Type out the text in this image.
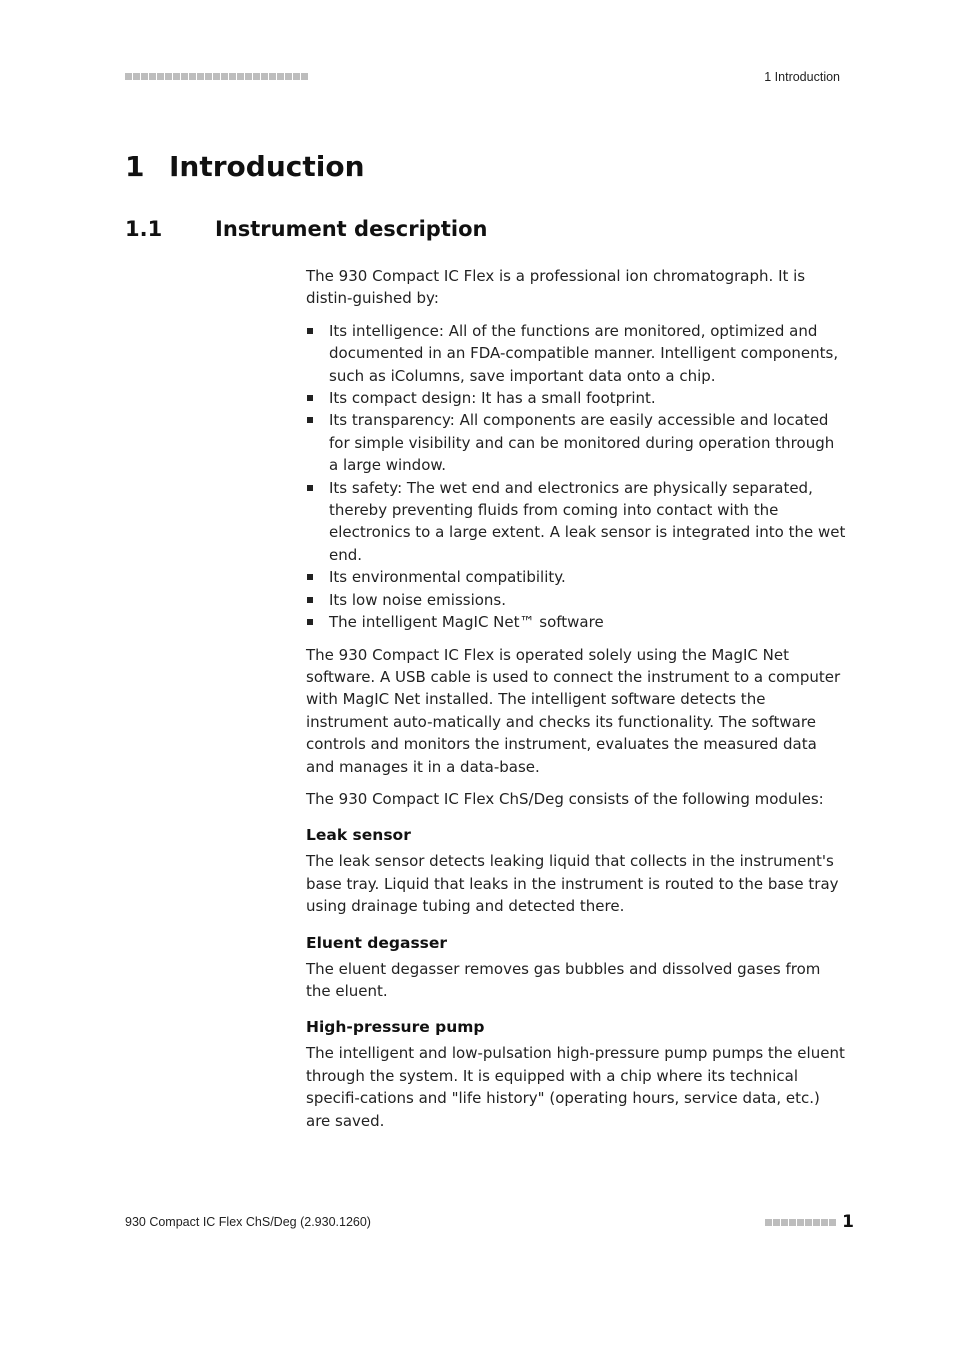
1 Introduction
1 Introduction
1.1	Instrument description

The 930 Compact IC Flex is a professional ion chromatograph. It is distin-guished by:

Its intelligence: All of the functions are monitored, optimized and documented in an FDA-compatible manner. Intelligent components, such as iColumns, save important data onto a chip.
Its compact design: It has a small footprint.
Its transparency: All components are easily accessible and located for simple visibility and can be monitored during operation through a large window.
Its safety: The wet end and electronics are physically separated, thereby preventing fluids from coming into contact with the electronics to a large extent. A leak sensor is integrated into the wet end.
Its environmental compatibility.
Its low noise emissions.
The intelligent MagIC Net™ software

The 930 Compact IC Flex is operated solely using the MagIC Net software. A USB cable is used to connect the instrument to a computer with MagIC Net installed. The intelligent software detects the instrument auto-matically and checks its functionality. The software controls and monitors the instrument, evaluates the measured data and manages it in a data-base.

The 930 Compact IC Flex ChS/Deg consists of the following modules:

Leak sensor

The leak sensor detects leaking liquid that collects in the instrument's base tray. Liquid that leaks in the instrument is routed to the base tray using drainage tubing and detected there.

Eluent degasser

The eluent degasser removes gas bubbles and dissolved gases from the eluent.

High-pressure pump

The intelligent and low-pulsation high-pressure pump pumps the eluent through the system. It is equipped with a chip where its technical specifi-cations and "life history" (operating hours, service data, etc.) are saved.

930 Compact IC Flex ChS/Deg (2.930.1260)	1
